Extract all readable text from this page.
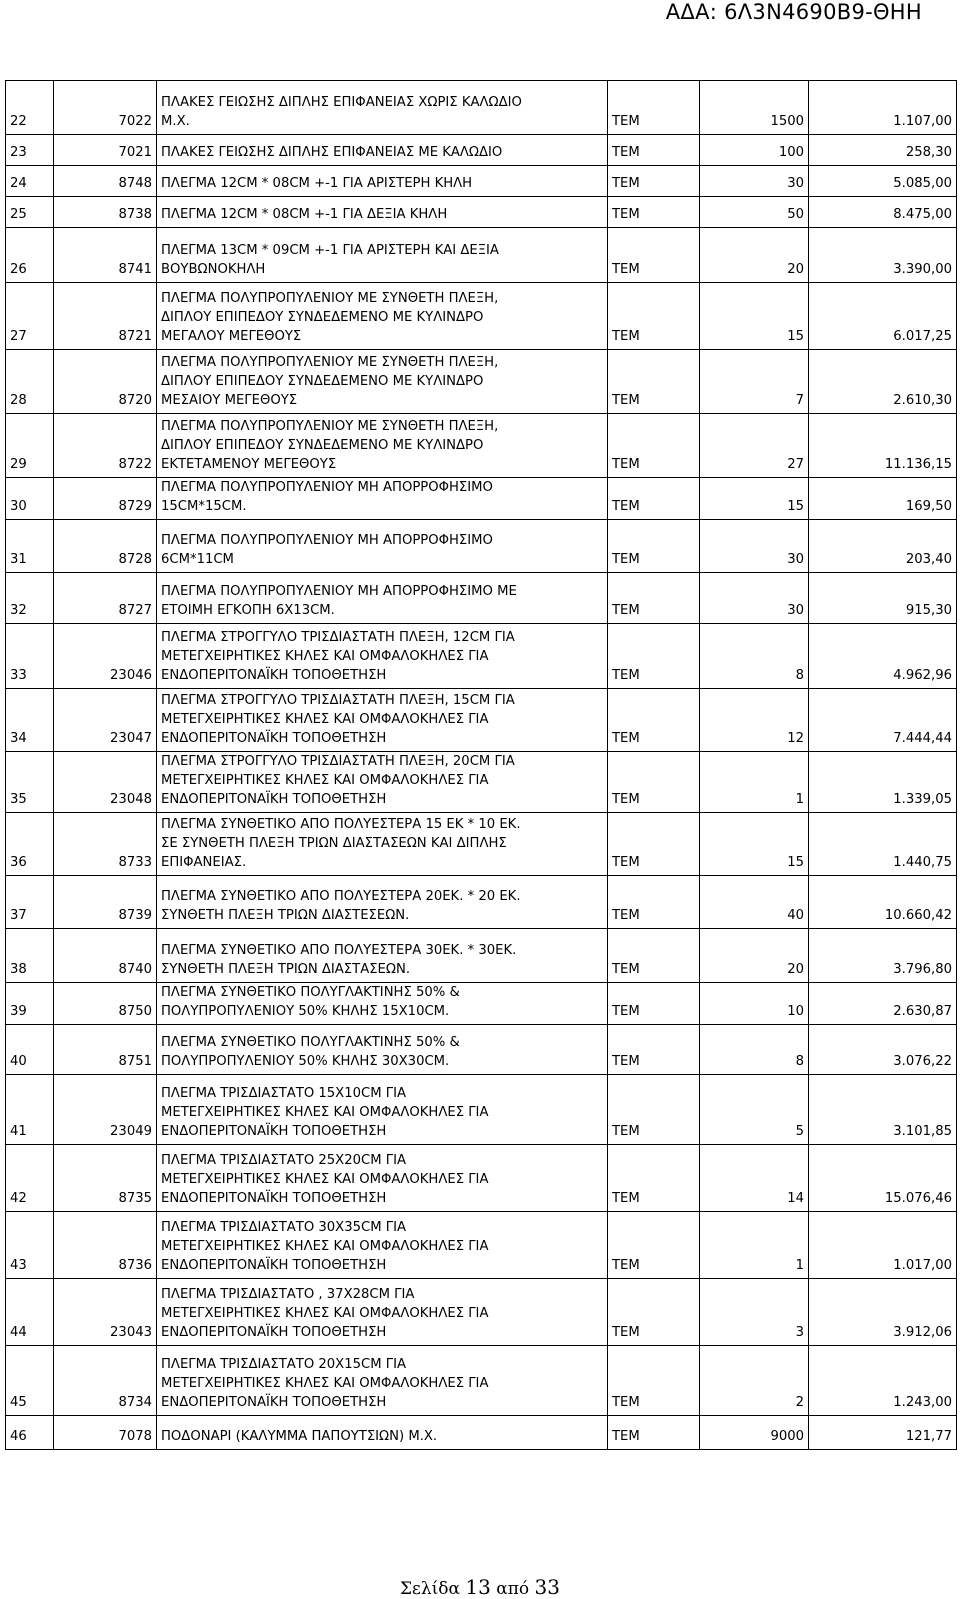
ΑΔΑ: 6Λ3Ν4690Β9-ΘΗΗ
22	7022	ΠΛΑΚΕΣ ΓΕΙΩΣΗΣ ΔΙΠΛΗΣ ΕΠΙΦΑΝΕΙΑΣ ΧΩΡΙΣ ΚΑΛΩΔΙΟ
Μ.Χ.	ΤΕΜ	1500	1.107,00
23	7021	ΠΛΑΚΕΣ ΓΕΙΩΣΗΣ ΔΙΠΛΗΣ ΕΠΙΦΑΝΕΙΑΣ ΜΕ ΚΑΛΩΔΙΟ	ΤΕΜ	100	258,30
24	8748	ΠΛΕΓΜΑ 12CM * 08CM +-1 ΓΙΑ ΑΡΙΣΤΕΡΗ ΚΗΛΗ	ΤΕΜ	30	5.085,00
25	8738	ΠΛΕΓΜΑ 12CM * 08CM +-1 ΓΙΑ ΔΕΞΙΑ ΚΗΛΗ	ΤΕΜ	50	8.475,00
26	8741	ΠΛΕΓΜΑ 13CM * 09CM +-1 ΓΙΑ ΑΡΙΣΤΕΡΗ ΚΑΙ ΔΕΞΙΑ
ΒΟΥΒΩΝΟΚΗΛΗ	ΤΕΜ	20	3.390,00
27	8721	ΠΛΕΓΜΑ ΠΟΛΥΠΡΟΠΥΛΕΝΙΟΥ ΜΕ ΣΥΝΘΕΤΗ ΠΛΕΞΗ,
ΔΙΠΛΟΥ ΕΠΙΠΕΔΟΥ ΣΥΝΔΕΔΕΜΕΝΟ ΜΕ ΚΥΛΙΝΔΡΟ
ΜΕΓΑΛΟΥ ΜΕΓΕΘΟΥΣ	ΤΕΜ	15	6.017,25
28	8720	ΠΛΕΓΜΑ ΠΟΛΥΠΡΟΠΥΛΕΝΙΟΥ ΜΕ ΣΥΝΘΕΤΗ ΠΛΕΞΗ,
ΔΙΠΛΟΥ ΕΠΙΠΕΔΟΥ ΣΥΝΔΕΔΕΜΕΝΟ ΜΕ ΚΥΛΙΝΔΡΟ
ΜΕΣΑΙΟΥ ΜΕΓΕΘΟΥΣ	ΤΕΜ	7	2.610,30
29	8722	ΠΛΕΓΜΑ ΠΟΛΥΠΡΟΠΥΛΕΝΙΟΥ ΜΕ ΣΥΝΘΕΤΗ ΠΛΕΞΗ,
ΔΙΠΛΟΥ ΕΠΙΠΕΔΟΥ ΣΥΝΔΕΔΕΜΕΝΟ ΜΕ ΚΥΛΙΝΔΡΟ
ΕΚΤΕΤΑΜΕΝΟΥ ΜΕΓΕΘΟΥΣ	ΤΕΜ	27	11.136,15
30	8729	ΠΛΕΓΜΑ ΠΟΛΥΠΡΟΠΥΛΕΝΙΟΥ ΜΗ ΑΠΟΡΡΟΦΗΣΙΜΟ
15CM*15CM.	ΤΕΜ	15	169,50
31	8728	ΠΛΕΓΜΑ ΠΟΛΥΠΡΟΠΥΛΕΝΙΟΥ ΜΗ ΑΠΟΡΡΟΦΗΣΙΜΟ
6CM*11CM	ΤΕΜ	30	203,40
32	8727	ΠΛΕΓΜΑ ΠΟΛΥΠΡΟΠΥΛΕΝΙΟΥ ΜΗ ΑΠΟΡΡΟΦΗΣΙΜΟ ΜΕ
ΕΤΟΙΜΗ ΕΓΚΟΠΗ 6Χ13CM.	ΤΕΜ	30	915,30
33	23046	ΠΛΕΓΜΑ ΣΤΡΟΓΓΥΛΟ ΤΡΙΣΔΙΑΣΤΑΤΗ ΠΛΕΞΗ, 12CM ΓΙΑ
ΜΕΤΕΓΧΕΙΡΗΤΙΚΕΣ ΚΗΛΕΣ ΚΑΙ ΟΜΦΑΛΟΚΗΛΕΣ ΓΙΑ
ΕΝΔΟΠΕΡΙΤΟΝΑΪΚΗ ΤΟΠΟΘΕΤΗΣΗ	ΤΕΜ	8	4.962,96
34	23047	ΠΛΕΓΜΑ ΣΤΡΟΓΓΥΛΟ ΤΡΙΣΔΙΑΣΤΑΤΗ ΠΛΕΞΗ, 15CM ΓΙΑ
ΜΕΤΕΓΧΕΙΡΗΤΙΚΕΣ ΚΗΛΕΣ ΚΑΙ ΟΜΦΑΛΟΚΗΛΕΣ ΓΙΑ
ΕΝΔΟΠΕΡΙΤΟΝΑΪΚΗ ΤΟΠΟΘΕΤΗΣΗ	ΤΕΜ	12	7.444,44
35	23048	ΠΛΕΓΜΑ ΣΤΡΟΓΓΥΛΟ ΤΡΙΣΔΙΑΣΤΑΤΗ ΠΛΕΞΗ, 20CM ΓΙΑ
ΜΕΤΕΓΧΕΙΡΗΤΙΚΕΣ ΚΗΛΕΣ ΚΑΙ ΟΜΦΑΛΟΚΗΛΕΣ ΓΙΑ
ΕΝΔΟΠΕΡΙΤΟΝΑΪΚΗ ΤΟΠΟΘΕΤΗΣΗ	ΤΕΜ	1	1.339,05
36	8733	ΠΛΕΓΜΑ ΣΥΝΘΕΤΙΚΟ ΑΠΟ ΠΟΛΥΕΣΤΕΡΑ 15 ΕΚ * 10 ΕΚ.
ΣΕ ΣΥΝΘΕΤΗ ΠΛΕΞΗ ΤΡΙΩΝ ΔΙΑΣΤΑΣΕΩΝ ΚΑΙ ΔΙΠΛΗΣ
ΕΠΙΦΑΝΕΙΑΣ.	ΤΕΜ	15	1.440,75
37	8739	ΠΛΕΓΜΑ ΣΥΝΘΕΤΙΚΟ ΑΠΟ ΠΟΛΥΕΣΤΕΡΑ 20ΕΚ. * 20 ΕΚ.
ΣΥΝΘΕΤΗ ΠΛΕΞΗ ΤΡΙΩΝ ΔΙΑΣΤΕΣΕΩΝ.	ΤΕΜ	40	10.660,42
38	8740	ΠΛΕΓΜΑ ΣΥΝΘΕΤΙΚΟ ΑΠΟ ΠΟΛΥΕΣΤΕΡΑ 30ΕΚ. * 30ΕΚ.
ΣΥΝΘΕΤΗ ΠΛΕΞΗ ΤΡΙΩΝ ΔΙΑΣΤΑΣΕΩΝ.	ΤΕΜ	20	3.796,80
39	8750	ΠΛΕΓΜΑ ΣΥΝΘΕΤΙΚΟ ΠΟΛΥΓΛΑΚΤΙΝΗΣ 50% &
ΠΟΛΥΠΡΟΠΥΛΕΝΙΟΥ 50% ΚΗΛΗΣ 15Χ10CM.	ΤΕΜ	10	2.630,87
40	8751	ΠΛΕΓΜΑ ΣΥΝΘΕΤΙΚΟ ΠΟΛΥΓΛΑΚΤΙΝΗΣ 50% &
ΠΟΛΥΠΡΟΠΥΛΕΝΙΟΥ 50% ΚΗΛΗΣ 30Χ30CM.	ΤΕΜ	8	3.076,22
41	23049	ΠΛΕΓΜΑ ΤΡΙΣΔΙΑΣΤΑΤΟ 15Χ10CM ΓΙΑ
ΜΕΤΕΓΧΕΙΡΗΤΙΚΕΣ ΚΗΛΕΣ ΚΑΙ ΟΜΦΑΛΟΚΗΛΕΣ ΓΙΑ
ΕΝΔΟΠΕΡΙΤΟΝΑΪΚΗ ΤΟΠΟΘΕΤΗΣΗ	ΤΕΜ	5	3.101,85
42	8735	ΠΛΕΓΜΑ ΤΡΙΣΔΙΑΣΤΑΤΟ 25Χ20CM ΓΙΑ
ΜΕΤΕΓΧΕΙΡΗΤΙΚΕΣ ΚΗΛΕΣ ΚΑΙ ΟΜΦΑΛΟΚΗΛΕΣ ΓΙΑ
ΕΝΔΟΠΕΡΙΤΟΝΑΪΚΗ ΤΟΠΟΘΕΤΗΣΗ	ΤΕΜ	14	15.076,46
43	8736	ΠΛΕΓΜΑ ΤΡΙΣΔΙΑΣΤΑΤΟ 30Χ35CM ΓΙΑ
ΜΕΤΕΓΧΕΙΡΗΤΙΚΕΣ ΚΗΛΕΣ ΚΑΙ ΟΜΦΑΛΟΚΗΛΕΣ ΓΙΑ
ΕΝΔΟΠΕΡΙΤΟΝΑΪΚΗ ΤΟΠΟΘΕΤΗΣΗ	ΤΕΜ	1	1.017,00
44	23043	ΠΛΕΓΜΑ ΤΡΙΣΔΙΑΣΤΑΤΟ , 37Χ28CM ΓΙΑ
ΜΕΤΕΓΧΕΙΡΗΤΙΚΕΣ ΚΗΛΕΣ ΚΑΙ ΟΜΦΑΛΟΚΗΛΕΣ ΓΙΑ
ΕΝΔΟΠΕΡΙΤΟΝΑΪΚΗ ΤΟΠΟΘΕΤΗΣΗ	ΤΕΜ	3	3.912,06
45	8734	ΠΛΕΓΜΑ ΤΡΙΣΔΙΑΣΤΑΤΟ 20Χ15CM ΓΙΑ
ΜΕΤΕΓΧΕΙΡΗΤΙΚΕΣ ΚΗΛΕΣ ΚΑΙ ΟΜΦΑΛΟΚΗΛΕΣ ΓΙΑ
ΕΝΔΟΠΕΡΙΤΟΝΑΪΚΗ ΤΟΠΟΘΕΤΗΣΗ	ΤΕΜ	2	1.243,00
46	7078	ΠΟΔΟΝΑΡΙ (ΚΑΛΥΜΜΑ ΠΑΠΟΥΤΣΙΩΝ) Μ.Χ.	ΤΕΜ	9000	121,77
Σελίδα 13 από 33
